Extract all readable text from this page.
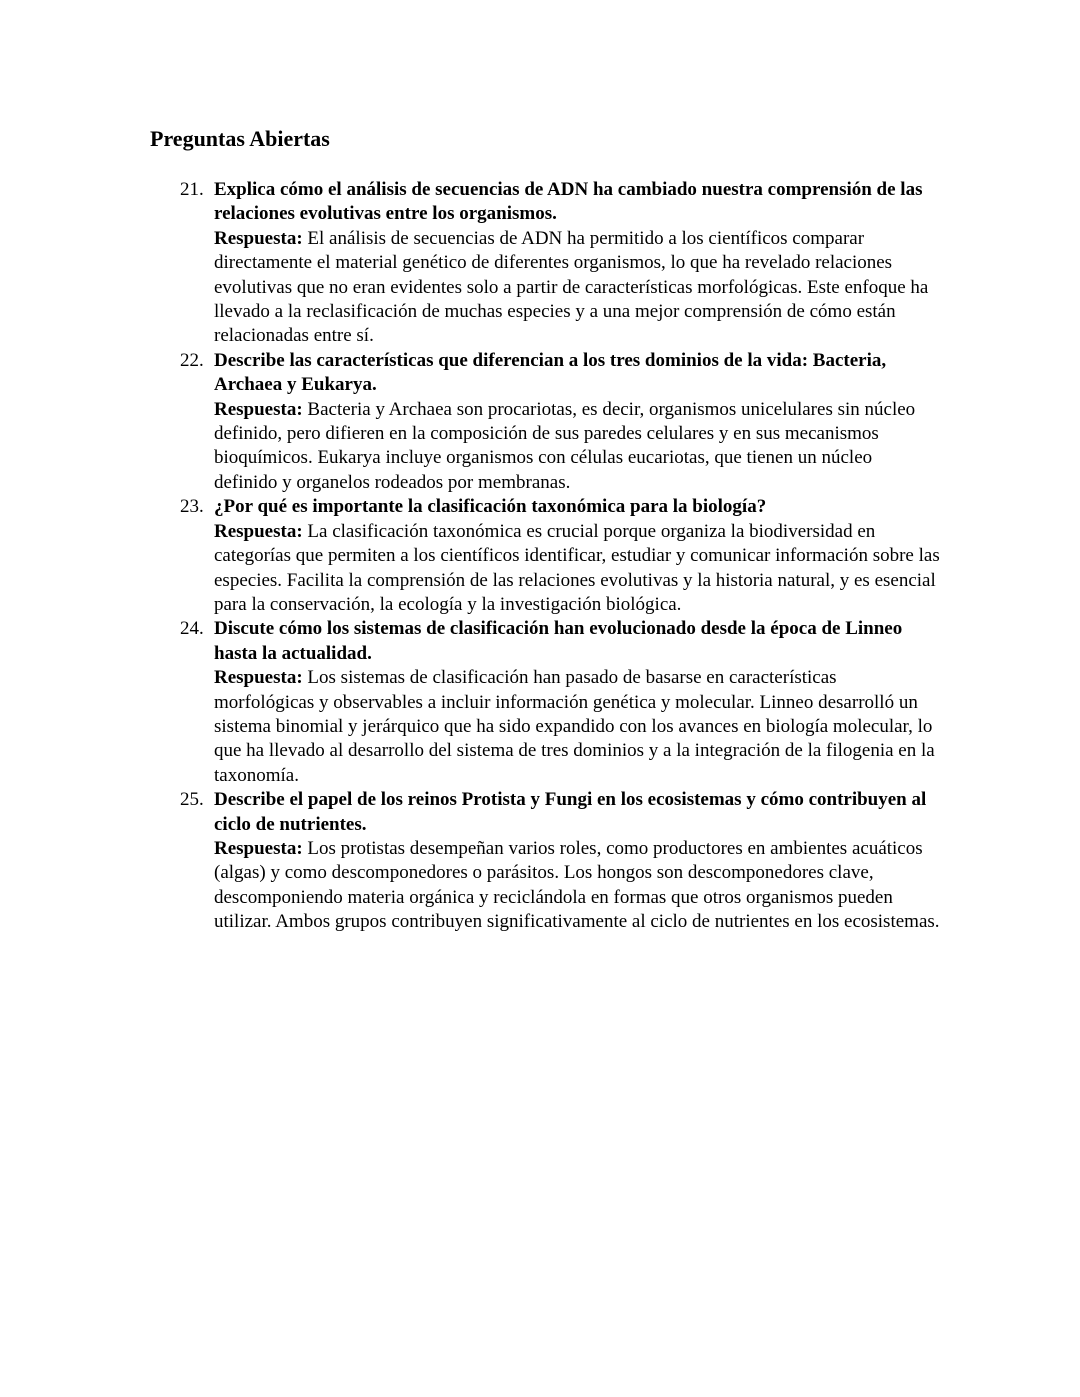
Preguntas Abiertas
21. Explica cómo el análisis de secuencias de ADN ha cambiado nuestra comprensión de las relaciones evolutivas entre los organismos.
Respuesta: El análisis de secuencias de ADN ha permitido a los científicos comparar directamente el material genético de diferentes organismos, lo que ha revelado relaciones evolutivas que no eran evidentes solo a partir de características morfológicas. Este enfoque ha llevado a la reclasificación de muchas especies y a una mejor comprensión de cómo están relacionadas entre sí.
22. Describe las características que diferencian a los tres dominios de la vida: Bacteria, Archaea y Eukarya.
Respuesta: Bacteria y Archaea son procariotas, es decir, organismos unicelulares sin núcleo definido, pero difieren en la composición de sus paredes celulares y en sus mecanismos bioquímicos. Eukarya incluye organismos con células eucariotas, que tienen un núcleo definido y organelos rodeados por membranas.
23. ¿Por qué es importante la clasificación taxonómica para la biología?
Respuesta: La clasificación taxonómica es crucial porque organiza la biodiversidad en categorías que permiten a los científicos identificar, estudiar y comunicar información sobre las especies. Facilita la comprensión de las relaciones evolutivas y la historia natural, y es esencial para la conservación, la ecología y la investigación biológica.
24. Discute cómo los sistemas de clasificación han evolucionado desde la época de Linneo hasta la actualidad.
Respuesta: Los sistemas de clasificación han pasado de basarse en características morfológicas y observables a incluir información genética y molecular. Linneo desarrolló un sistema binomial y jerárquico que ha sido expandido con los avances en biología molecular, lo que ha llevado al desarrollo del sistema de tres dominios y a la integración de la filogenia en la taxonomía.
25. Describe el papel de los reinos Protista y Fungi en los ecosistemas y cómo contribuyen al ciclo de nutrientes.
Respuesta: Los protistas desempeñan varios roles, como productores en ambientes acuáticos (algas) y como descomponedores o parásitos. Los hongos son descomponedores clave, descomponiendo materia orgánica y reciclándola en formas que otros organismos pueden utilizar. Ambos grupos contribuyen significativamente al ciclo de nutrientes en los ecosistemas.
